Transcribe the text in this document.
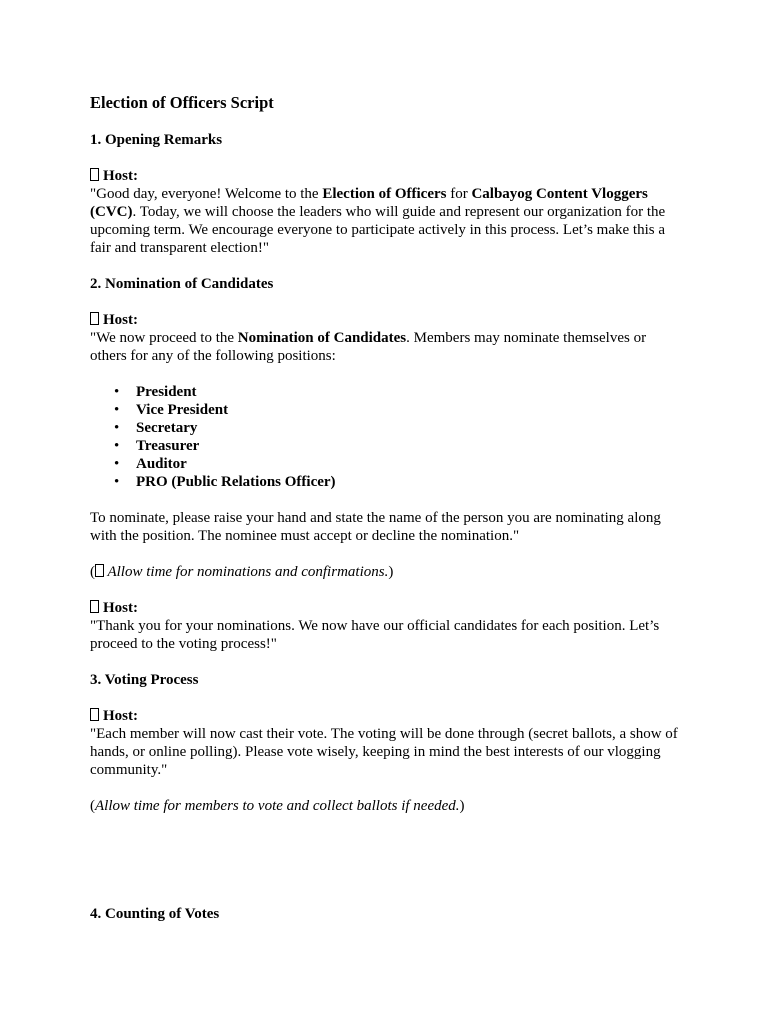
Election of Officers Script
1. Opening Remarks
Host:

"Good day, everyone! Welcome to the Election of Officers for Calbayog Content Vloggers (CVC). Today, we will choose the leaders who will guide and represent our organization for the upcoming term. We encourage everyone to participate actively in this process. Let’s make this a fair and transparent election!"

2. Nomination of Candidates
Host:

"We now proceed to the Nomination of Candidates. Members may nominate themselves or others for any of the following positions:

• President
• Vice President
• Secretary
• Treasurer
• Auditor
• PRO (Public Relations Officer)

To nominate, please raise your hand and state the name of the person you are nominating along with the position. The nominee must accept or decline the nomination."

( Allow time for nominations and confirmations.)

Host:

"Thank you for your nominations. We now have our official candidates for each position. Let’s proceed to the voting process!"

3. Voting Process
Host:

"Each member will now cast their vote. The voting will be done through (secret ballots, a show of hands, or online polling). Please vote wisely, keeping in mind the best interests of our vlogging community."

(Allow time for members to vote and collect ballots if needed.)

4. Counting of Votes
